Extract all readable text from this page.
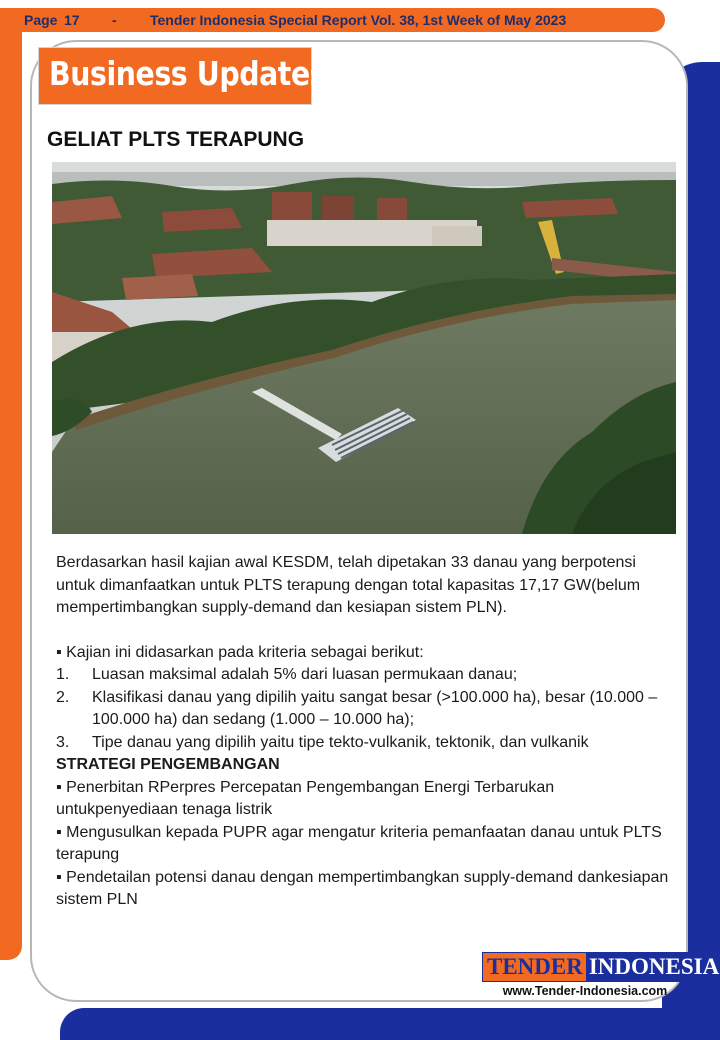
Page 17 - Tender Indonesia Special Report Vol. 38, 1st Week of May 2023
Business Updates
GELIAT PLTS TERAPUNG

Berdasarkan hasil kajian awal KESDM, telah dipetakan 33 danau yang berpotensi untuk dimanfaatkan untuk PLTS terapung dengan total kapasitas 17,17 GW(belum mempertimbangkan supply-demand dan kesiapan sistem PLN).

▪ Kajian ini didasarkan pada kriteria sebagai berikut:

1.	Luasan maksimal adalah 5% dari luasan permukaan danau;
2.	Klasifikasi danau yang dipilih yaitu sangat besar (>100.000 ha), besar (10.000 –100.000 ha) dan sedang (1.000 – 10.000 ha);
3.	Tipe danau yang dipilih yaitu tipe tekto-vulkanik, tektonik, dan vulkanik

STRATEGI PENGEMBANGAN

▪ Penerbitan RPerpres Percepatan Pengembangan Energi Terbarukan untukpenyediaan tenaga listrik

▪ Mengusulkan kepada PUPR agar mengatur kriteria pemanfaatan danau untuk PLTS terapung

▪ Pendetailan potensi danau dengan mempertimbangkan supply-demand dankesiapan sistem PLN

TENDER INDONESIA
www.Tender-Indonesia.com
